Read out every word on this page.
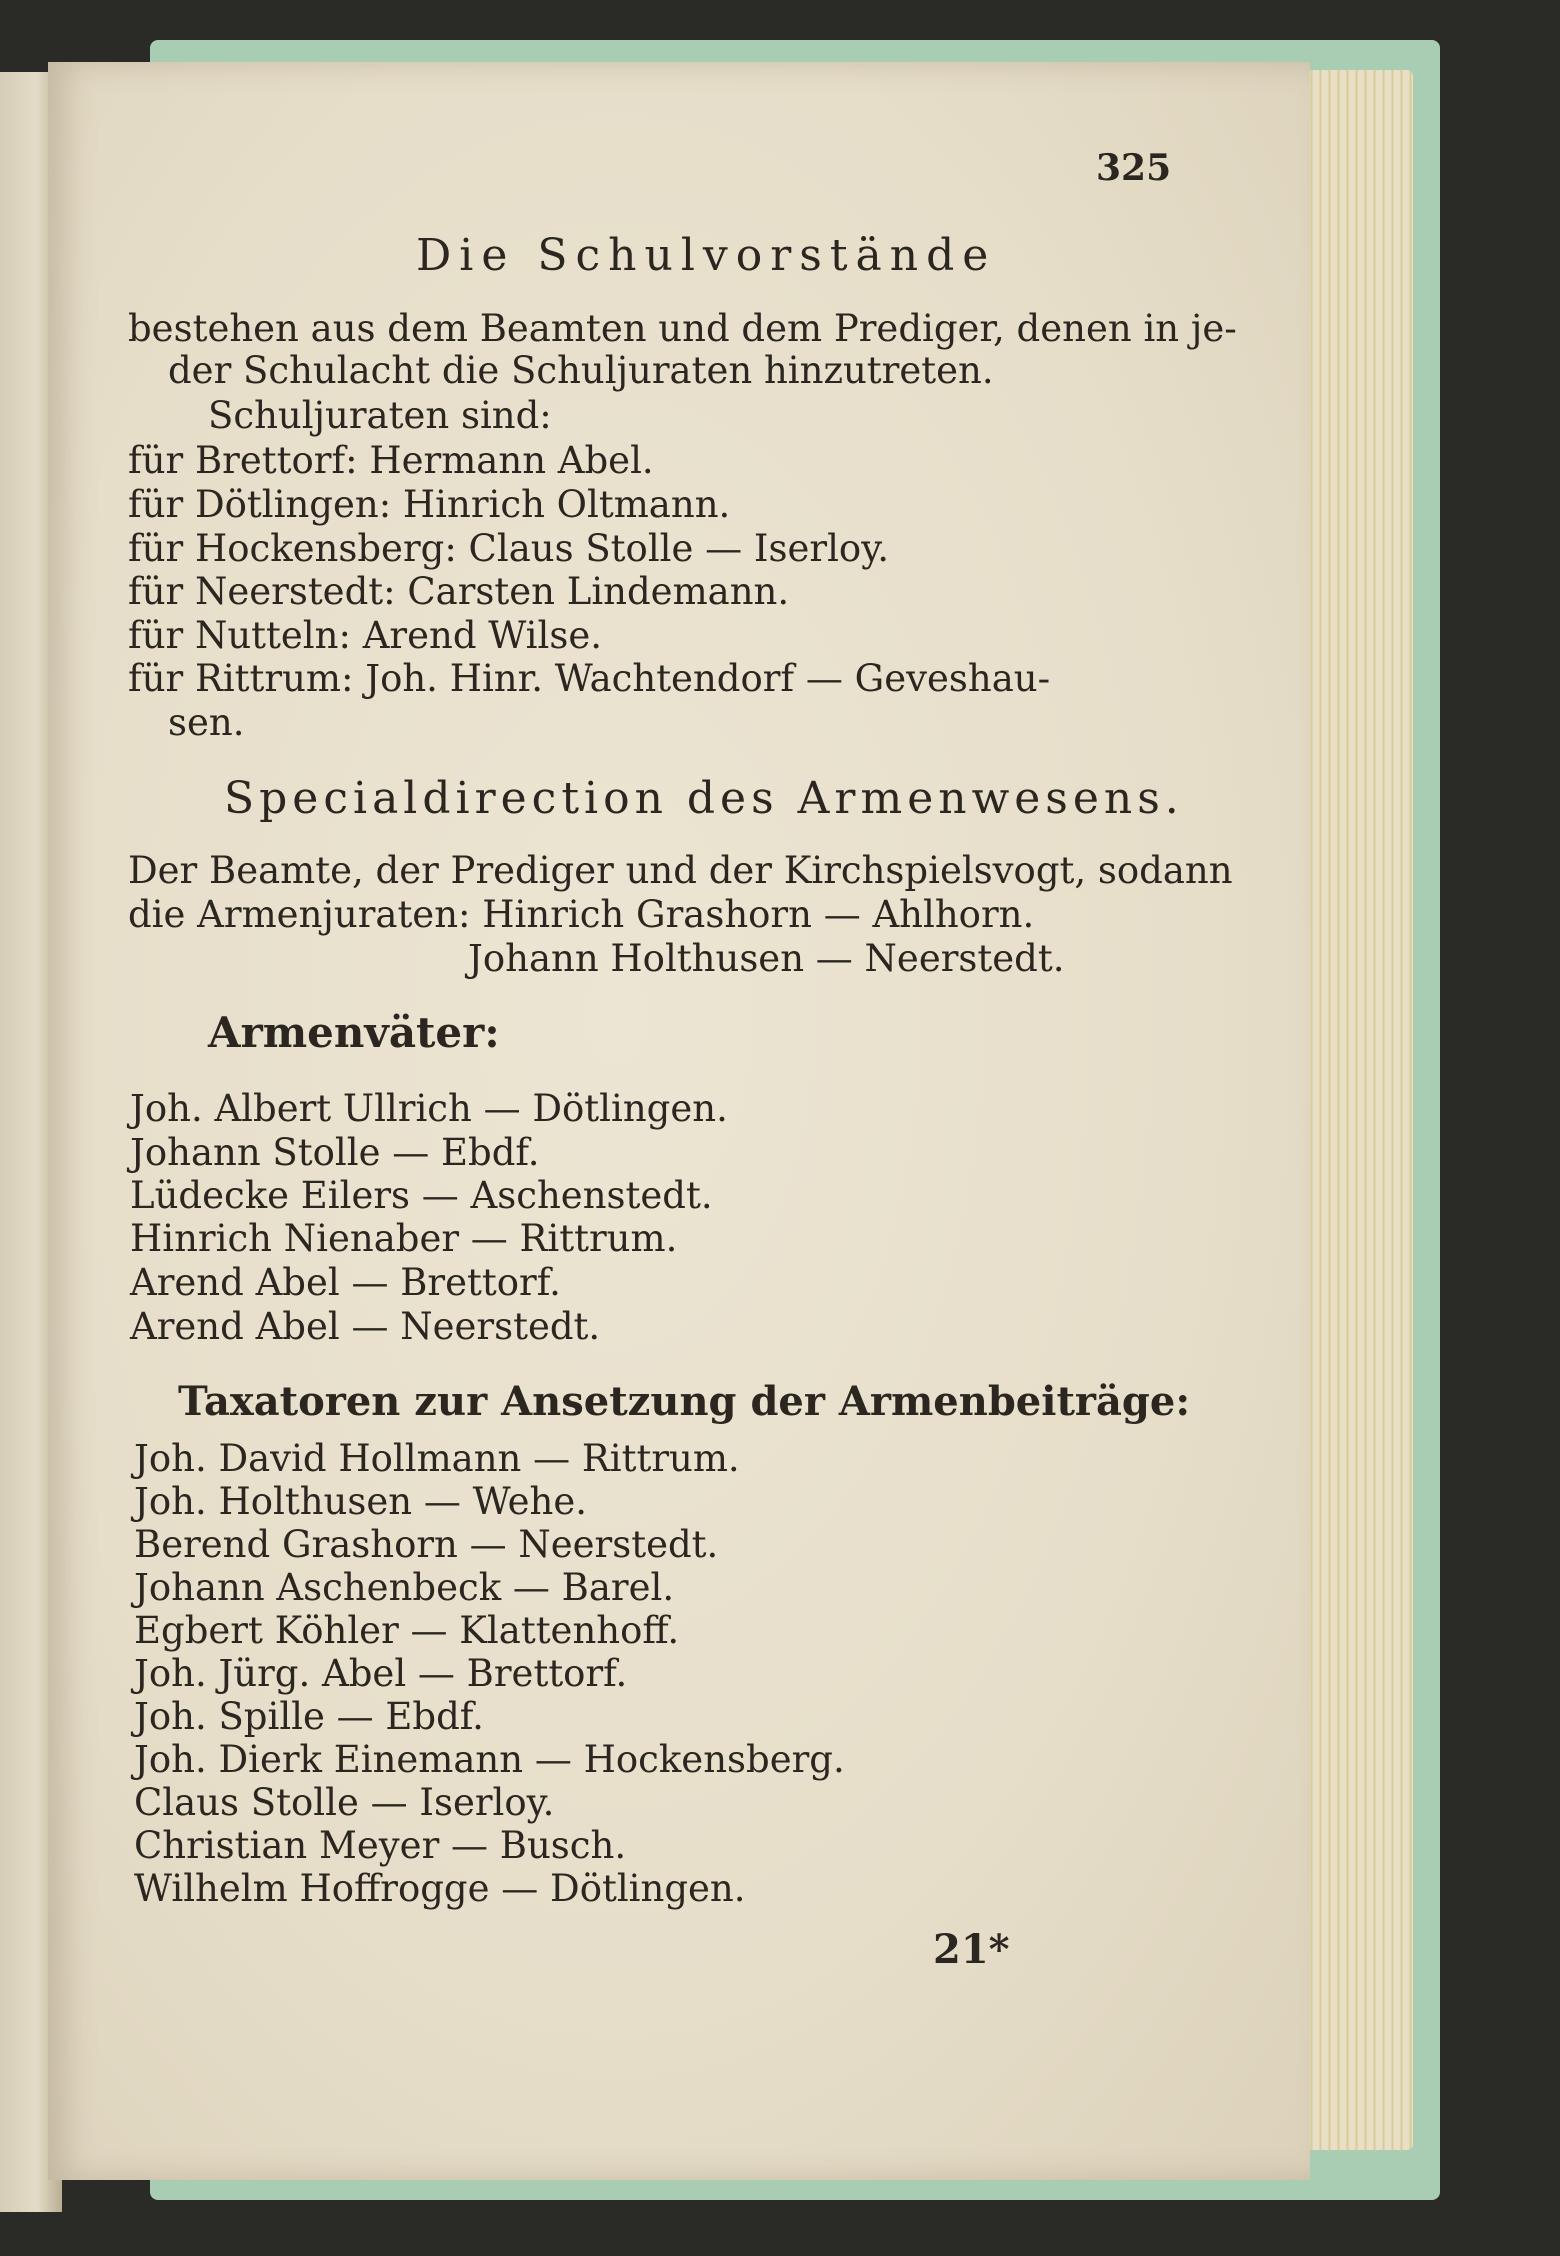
325
Die Schulvorstände
bestehen aus dem Beamten und dem Prediger, denen in je-
der Schulacht die Schuljuraten hinzutreten.
Schuljuraten sind:
für Brettorf: Hermann Abel.
für Dötlingen: Hinrich Oltmann.
für Hockensberg: Claus Stolle — Iserloy.
für Neerstedt: Carsten Lindemann.
für Nutteln: Arend Wilse.
für Rittrum: Joh. Hinr. Wachtendorf — Geveshau-
sen.
Specialdirection des Armenwesens.
Der Beamte, der Prediger und der Kirchspielsvogt, sodann
die Armenjuraten: Hinrich Grashorn — Ahlhorn.
Johann Holthusen — Neerstedt.
Armenväter:
Joh. Albert Ullrich — Dötlingen.
Johann Stolle — Ebdf.
Lüdecke Eilers — Aschenstedt.
Hinrich Nienaber — Rittrum.
Arend Abel — Brettorf.
Arend Abel — Neerstedt.
Taxatoren zur Ansetzung der Armenbeiträge:
Joh. David Hollmann — Rittrum.
Joh. Holthusen — Wehe.
Berend Grashorn — Neerstedt.
Johann Aschenbeck — Barel.
Egbert Köhler — Klattenhoff.
Joh. Jürg. Abel — Brettorf.
Joh. Spille — Ebdf.
Joh. Dierk Einemann — Hockensberg.
Claus Stolle — Iserloy.
Christian Meyer — Busch.
Wilhelm Hoffrogge — Dötlingen.
21*
